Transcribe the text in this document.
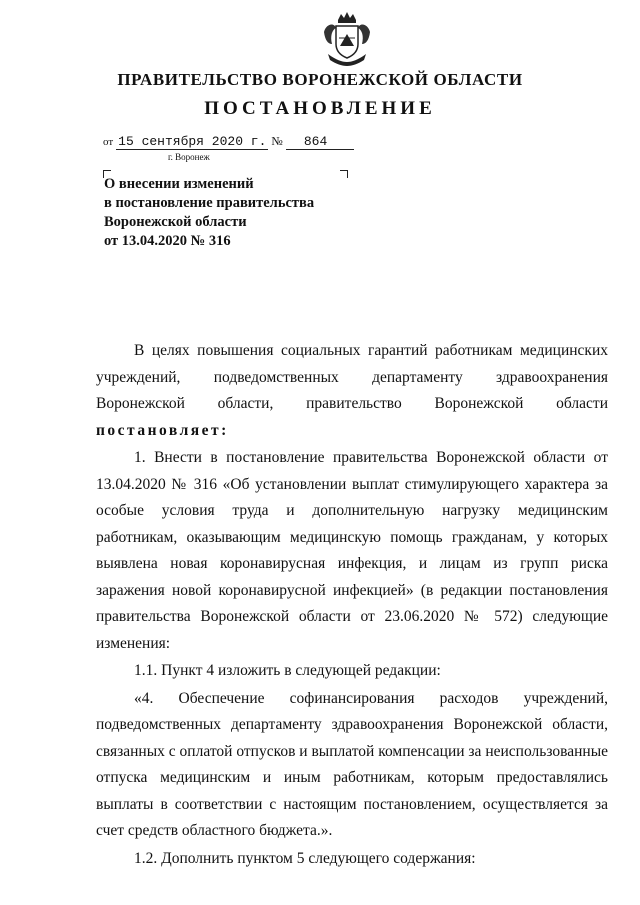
ПРАВИТЕЛЬСТВО ВОРОНЕЖСКОЙ ОБЛАСТИ
ПОСТАНОВЛЕНИЕ
от 15 сентября 2020 г. № 864
г. Воронеж
О внесении изменений
в постановление правительства
Воронежской области
от 13.04.2020 № 316

В целях повышения социальных гарантий работникам медицинских учреждений, подведомственных департаменту здравоохранения Воронежской области, правительство Воронежской области постановляет:

1. Внести в постановление правительства Воронежской области от 13.04.2020 № 316 «Об установлении выплат стимулирующего характера за особые условия труда и дополнительную нагрузку медицинским работникам, оказывающим медицинскую помощь гражданам, у которых выявлена новая коронавирусная инфекция, и лицам из групп риска заражения новой коронавирусной инфекцией» (в редакции постановления правительства Воронежской области от 23.06.2020 № 572) следующие изменения:

1.1. Пункт 4 изложить в следующей редакции:

«4. Обеспечение софинансирования расходов учреждений, подведомственных департаменту здравоохранения Воронежской области, связанных с оплатой отпусков и выплатой компенсации за неиспользованные отпуска медицинским и иным работникам, которым предоставлялись выплаты в соответствии с настоящим постановлением, осуществляется за счет средств областного бюджета.».

1.2. Дополнить пунктом 5 следующего содержания:
